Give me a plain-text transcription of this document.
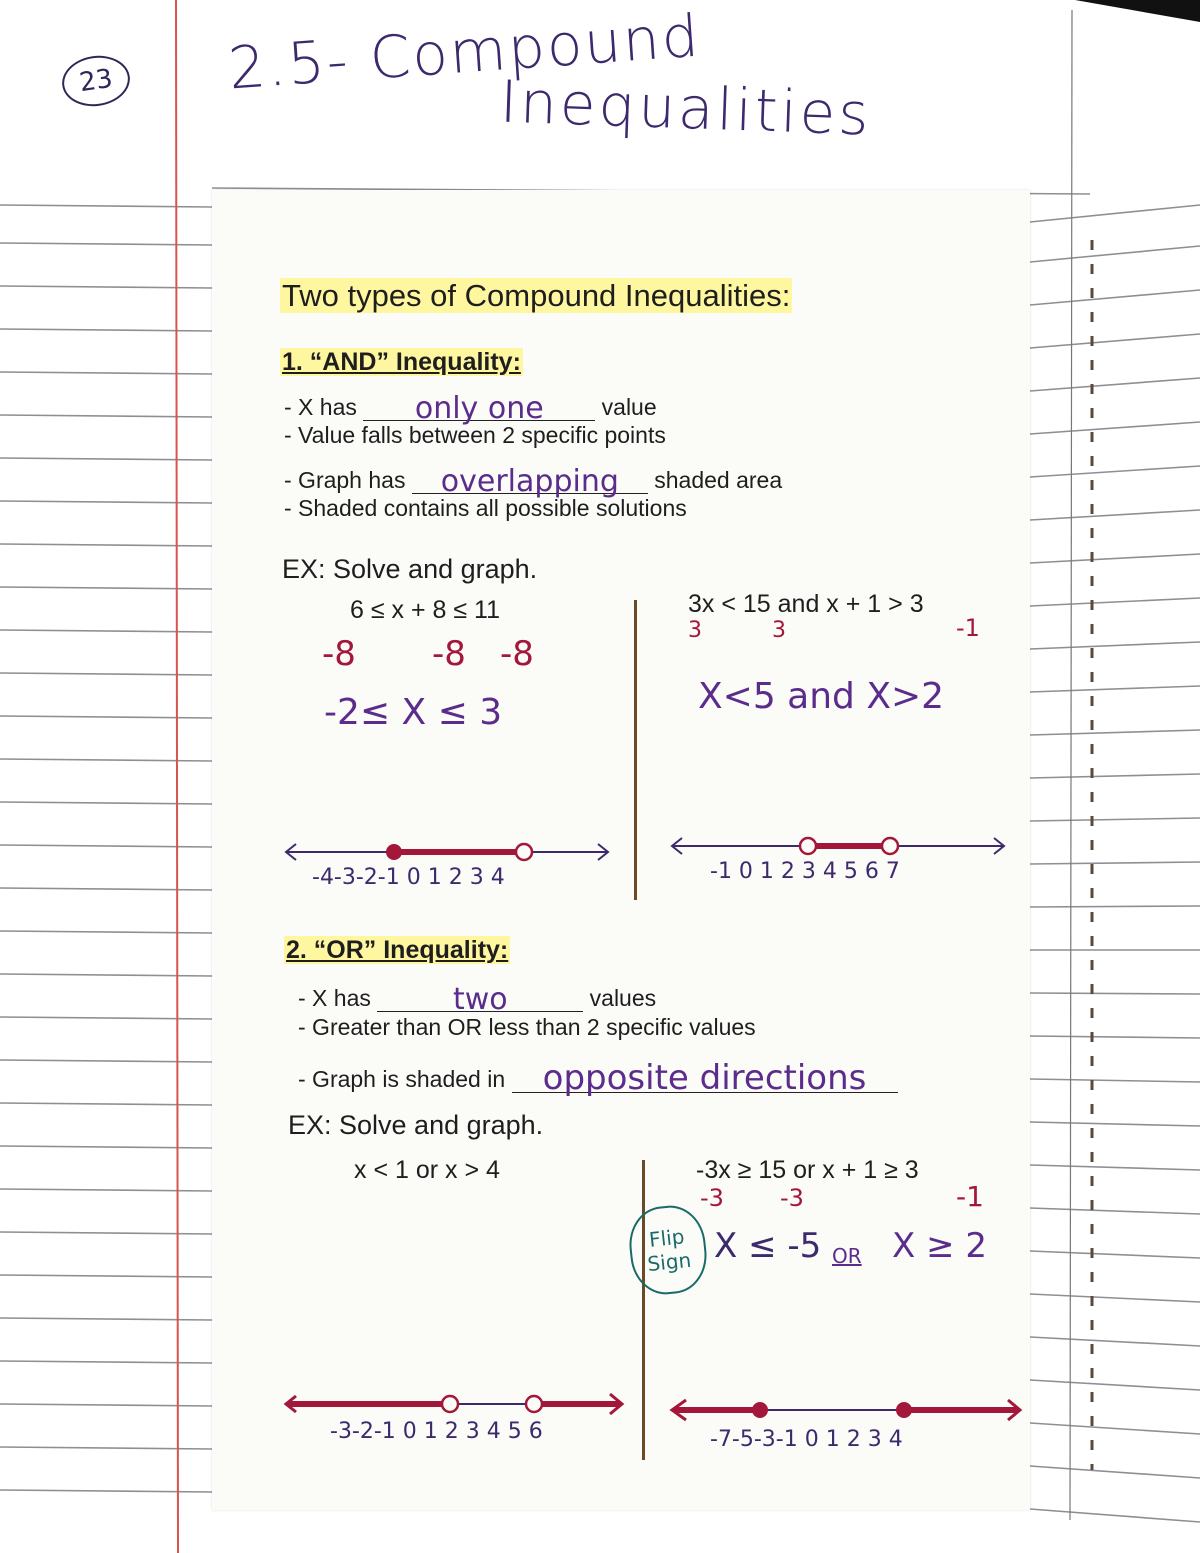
23 2.5- Compound
Inequalities
Two types of Compound Inequalities:
1. “AND” Inequality:
- X has only one	value
- Value falls between 2 specific points
- Graph has overlapping shaded area
- Shaded contains all possible solutions
EX: Solve and graph.
6 ≤ x + 8 ≤ 11
-8 -8 -8
-2≤ X ≤ 3
-4-3-2-1 0 1 2 3 4
3x < 15 and x + 1 > 3
3	3	-1
X<5 and X>2
-1 0 1 2 3 4 5 6 7
2. “OR” Inequality:
- X has	two	values
- Greater than OR less than 2 specific values
- Graph is shaded in opposite directions
EX: Solve and graph.
x < 1 or x > 4
-3-2-1 0 1 2 3 4 5 6
-3x ≥ 15 or x + 1 ≥ 3
-3 -3	-1
X ≤ -5 OR X ≥ 2
Flip
Sign
-7-5-3-1 0 1 2 3 4
